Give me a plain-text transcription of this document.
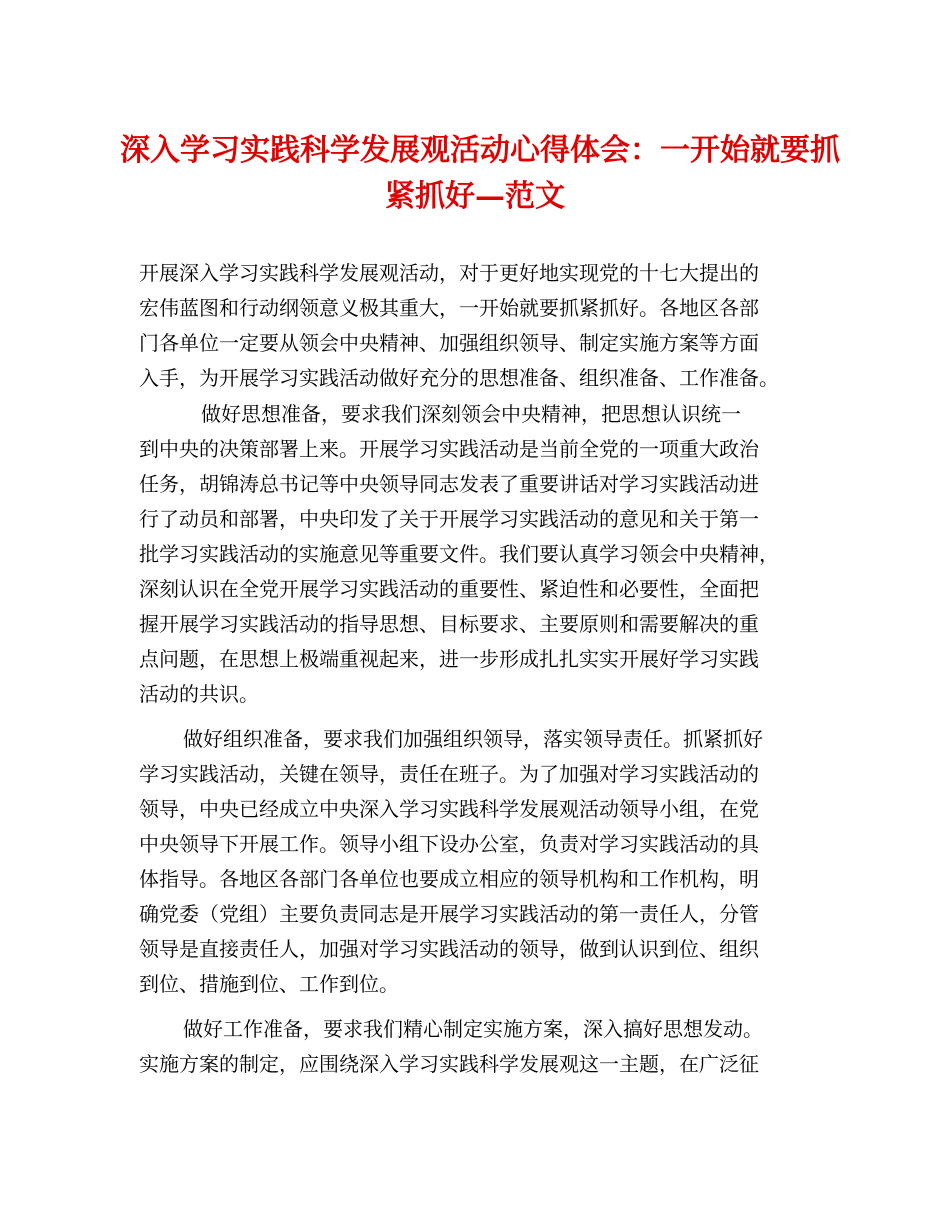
深入学习实践科学发展观活动心得体会：一开始就要抓
紧抓好—范文
开展深入学习实践科学发展观活动，对于更好地实现党的十七大提出的
宏伟蓝图和行动纲领意义极其重大，一开始就要抓紧抓好。各地区各部
门各单位一定要从领会中央精神、加强组织领导、制定实施方案等方面
入手，为开展学习实践活动做好充分的思想准备、组织准备、工作准备。
做好思想准备，要求我们深刻领会中央精神，把思想认识统一
到中央的决策部署上来。开展学习实践活动是当前全党的一项重大政治
任务，胡锦涛总书记等中央领导同志发表了重要讲话对学习实践活动进
行了动员和部署，中央印发了关于开展学习实践活动的意见和关于第一
批学习实践活动的实施意见等重要文件。我们要认真学习领会中央精神，
深刻认识在全党开展学习实践活动的重要性、紧迫性和必要性，全面把
握开展学习实践活动的指导思想、目标要求、主要原则和需要解决的重
点问题，在思想上极端重视起来，进一步形成扎扎实实开展好学习实践
活动的共识。
做好组织准备，要求我们加强组织领导，落实领导责任。抓紧抓好
学习实践活动，关键在领导，责任在班子。为了加强对学习实践活动的
领导，中央已经成立中央深入学习实践科学发展观活动领导小组，在党
中央领导下开展工作。领导小组下设办公室，负责对学习实践活动的具
体指导。各地区各部门各单位也要成立相应的领导机构和工作机构，明
确党委（党组）主要负责同志是开展学习实践活动的第一责任人，分管
领导是直接责任人，加强对学习实践活动的领导，做到认识到位、组织
到位、措施到位、工作到位。
做好工作准备，要求我们精心制定实施方案，深入搞好思想发动。
实施方案的制定，应围绕深入学习实践科学发展观这一主题，在广泛征
